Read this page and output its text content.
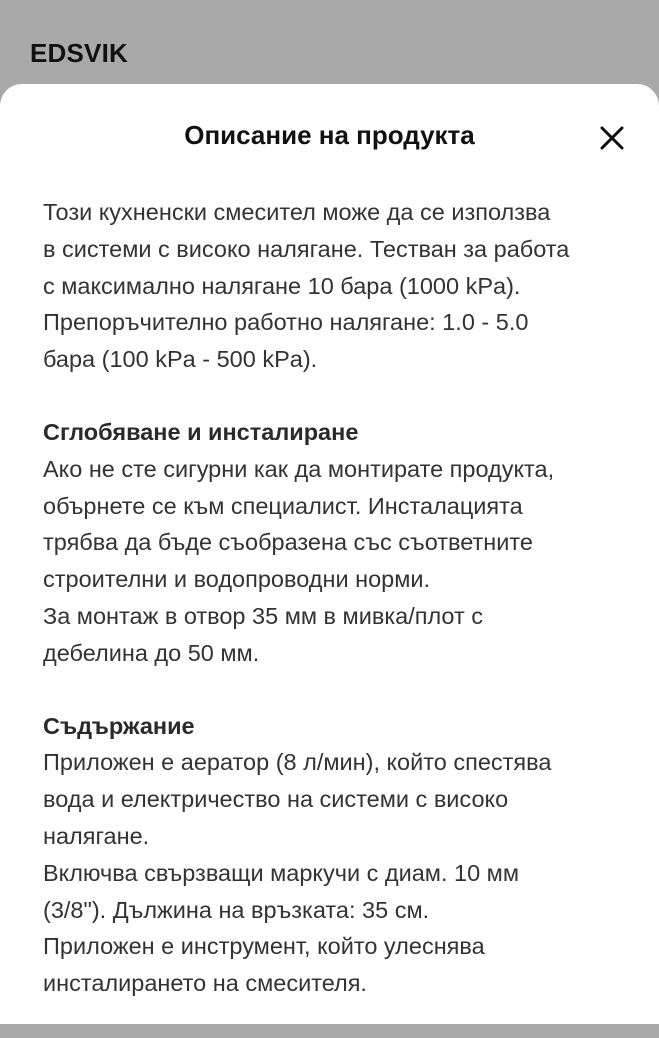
EDSVIK
Описание на продукта
Този кухненски смесител може да се използва
в системи с високо налягане. Тестван за работа
с максимално налягане 10 бара (1000 kPa).
Препоръчително работно налягане: 1.0 - 5.0
бара (100 kPa - 500 kPa).
Сглобяване и инсталиране
Ако не сте сигурни как да монтирате продукта,
обърнете се към специалист. Инсталацията
трябва да бъде съобразена със съответните
строителни и водопроводни норми.
За монтаж в отвор 35 мм в мивка/плот с
дебелина до 50 мм.
Съдържание
Приложен е аератор (8 л/мин), който спестява
вода и електричество на системи с високо
налягане.
Включва свързващи маркучи с диам. 10 мм
(3/8"). Дължина на връзката: 35 см.
Приложен е инструмент, който улеснява
инсталирането на смесителя.
